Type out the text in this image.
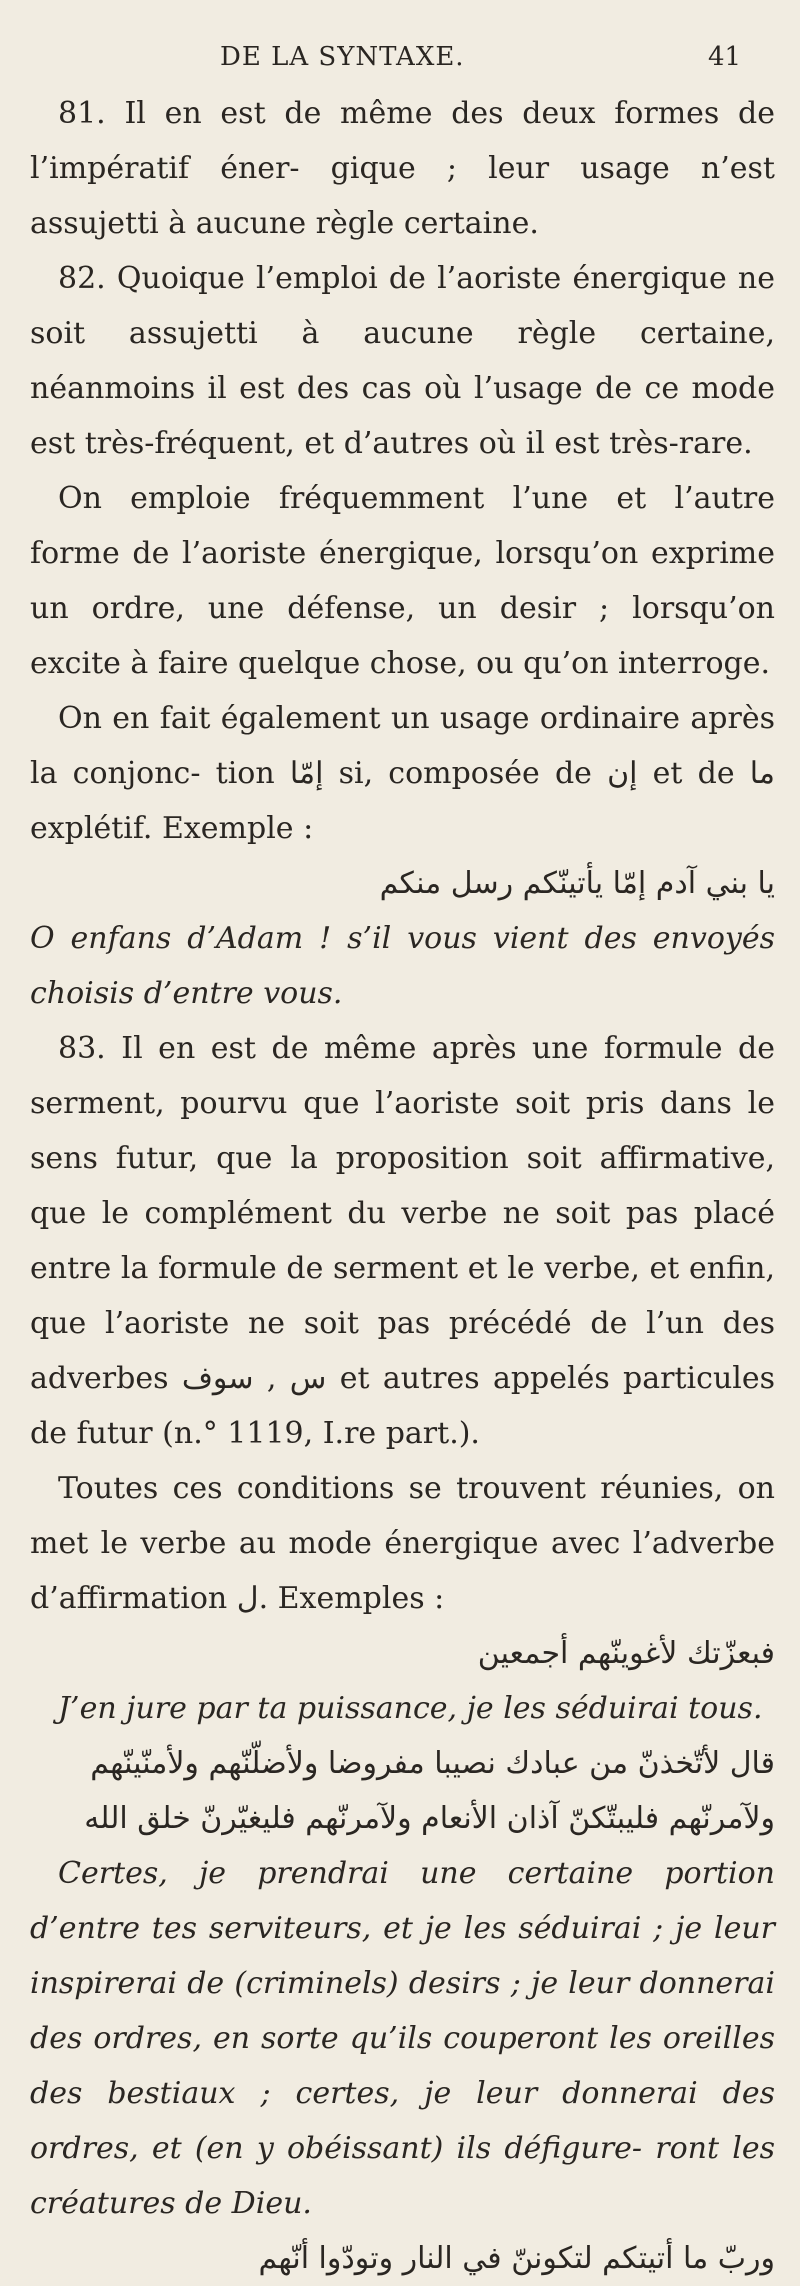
DE LA SYNTAXE.	41

81. Il en est de même des deux formes de l’impératif éner- gique ; leur usage n’est assujetti à aucune règle certaine.

82. Quoique l’emploi de l’aoriste énergique ne soit assujetti à aucune règle certaine, néanmoins il est des cas où l’usage de ce mode est très-fréquent, et d’autres où il est très-rare.

On emploie fréquemment l’une et l’autre forme de l’aoriste énergique, lorsqu’on exprime un ordre, une défense, un desir ; lorsqu’on excite à faire quelque chose, ou qu’on interroge.

On en fait également un usage ordinaire après la conjonc- tion إمّا si, composée de إن et de ما explétif. Exemple :

يا بني آدم إمّا يأتينّكم رسل منكم

O enfans d’Adam ! s’il vous vient des envoyés choisis d’entre vous.

83. Il en est de même après une formule de serment, pourvu que l’aoriste soit pris dans le sens futur, que la proposition soit affirmative, que le complément du verbe ne soit pas placé entre la formule de serment et le verbe, et enfin, que l’aoriste ne soit pas précédé de l’un des adverbes س , سوف et autres appelés particules de futur (n.° 1119, I.re part.).

Toutes ces conditions se trouvent réunies, on met le verbe au mode énergique avec l’adverbe d’affirmation ل. Exemples :

فبعزّتك لأغوينّهم أجمعين

J’en jure par ta puissance, je les séduirai tous.

قال لأتّخذنّ من عبادك نصيبا مفروضا ولأضلّنّهم ولأمنّينّهم

ولآمرنّهم فليبتّكنّ آذان الأنعام ولآمرنّهم فليغيّرنّ خلق الله

Certes, je prendrai une certaine portion d’entre tes serviteurs, et je les séduirai ; je leur inspirerai de (criminels) desirs ; je leur donnerai des ordres, en sorte qu’ils couperont les oreilles des bestiaux ; certes, je leur donnerai des ordres, et (en y obéissant) ils défigure- ront les créatures de Dieu.

وربّ ما أتيتكم لتكوننّ في النار وتودّوا أنّهم
